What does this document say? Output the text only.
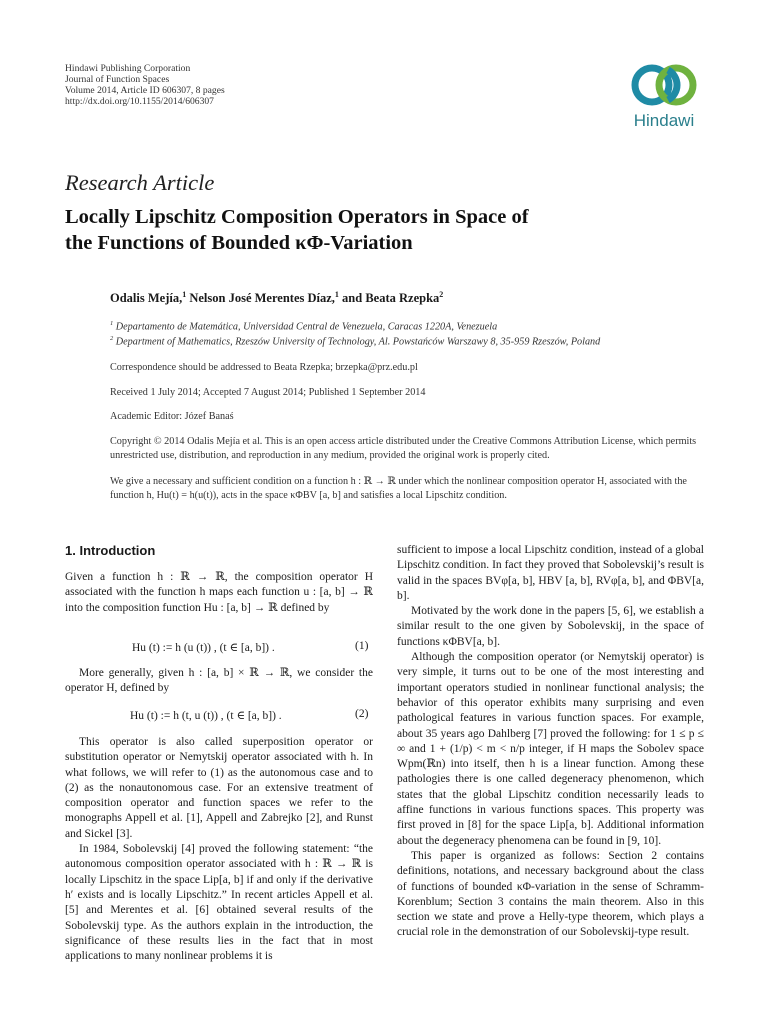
Hindawi Publishing Corporation
Journal of Function Spaces
Volume 2014, Article ID 606307, 8 pages
http://dx.doi.org/10.1155/2014/606307
Hindawi
Research Article
Locally Lipschitz Composition Operators in Space of
the Functions of Bounded κΦ-Variation
Odalis Mejía,$^1$ Nelson José Merentes Díaz,$^1$ and Beata Rzepka$^2$
$^1$ Departamento de Matemática, Universidad Central de Venezuela, Caracas 1220A, Venezuela
$^2$ Department of Mathematics, Rzeszów University of Technology, Al. Powstańców Warszawy 8, 35-959 Rzeszów, Poland
Correspondence should be addressed to Beata Rzepka; brzepka@prz.edu.pl
Received 1 July 2014; Accepted 7 August 2014; Published 1 September 2014
Academic Editor: Józef Banaś
Copyright © 2014 Odalis Mejía et al. This is an open access article distributed under the Creative Commons Attribution License, which permits unrestricted use, distribution, and reproduction in any medium, provided the original work is properly cited.
We give a necessary and sufficient condition on a function h : ℝ → ℝ under which the nonlinear composition operator H, associated with the function h, Hu(t) = h(u(t)), acts in the space κΦBV [a, b] and satisfies a local Lipschitz condition.
1. Introduction

Given a function h : ℝ → ℝ, the composition operator H associated with the function h maps each function u : [a, b] → ℝ into the composition function Hu : [a, b] → ℝ defined by

Hu (t) := h (u (t)) , (t ∈ [a, b]) .	(1)

More generally, given h : [a, b] × ℝ → ℝ, we consider the operator H, defined by

Hu (t) := h (t, u (t)) , (t ∈ [a, b]) .	(2)

This operator is also called superposition operator or substitution operator or Nemytskij operator associated with h. In what follows, we will refer to (1) as the autonomous case and to (2) as the nonautonomous case. For an extensive treatment of composition operator and function spaces we refer to the monographs Appell et al. [1], Appell and Zabrejko [2], and Runst and Sickel [3].

In 1984, Sobolevskij [4] proved the following statement: “the autonomous composition operator associated with h : ℝ → ℝ is locally Lipschitz in the space Lip[a, b] if and only if the derivative h′ exists and is locally Lipschitz.” In recent articles Appell et al. [5] and Merentes et al. [6] obtained several results of the Sobolevskij type. As the authors explain in the introduction, the significance of these results lies in the fact that in most applications to many nonlinear problems it is

sufficient to impose a local Lipschitz condition, instead of a global Lipschitz condition. In fact they proved that Sobolevskij’s result is valid in the spaces BVφ[a, b], HBV [a, b], RVφ[a, b], and ΦBV[a, b].

Motivated by the work done in the papers [5, 6], we establish a similar result to the one given by Sobolevskij, in the space of functions κΦBV[a, b].

Although the composition operator (or Nemytskij operator) is very simple, it turns out to be one of the most interesting and important operators studied in nonlinear functional analysis; the behavior of this operator exhibits many surprising and even pathological features in various function spaces. For example, about 35 years ago Dahlberg [7] proved the following: for 1 ≤ p ≤ ∞ and 1 + (1/p) < m < n/p integer, if H maps the Sobolev space Wpm(ℝn) into itself, then h is a linear function. Among these pathologies there is one called degeneracy phenomenon, which states that the global Lipschitz condition necessarily leads to affine functions in various functions spaces. This property was first proved in [8] for the space Lip[a, b]. Additional information about the degeneracy phenomena can be found in [9, 10].

This paper is organized as follows: Section 2 contains definitions, notations, and necessary background about the class of functions of bounded κΦ-variation in the sense of Schramm-Korenblum; Section 3 contains the main theorem. Also in this section we state and prove a Helly-type theorem, which plays a crucial role in the demonstration of our Sobolevskij-type result.
